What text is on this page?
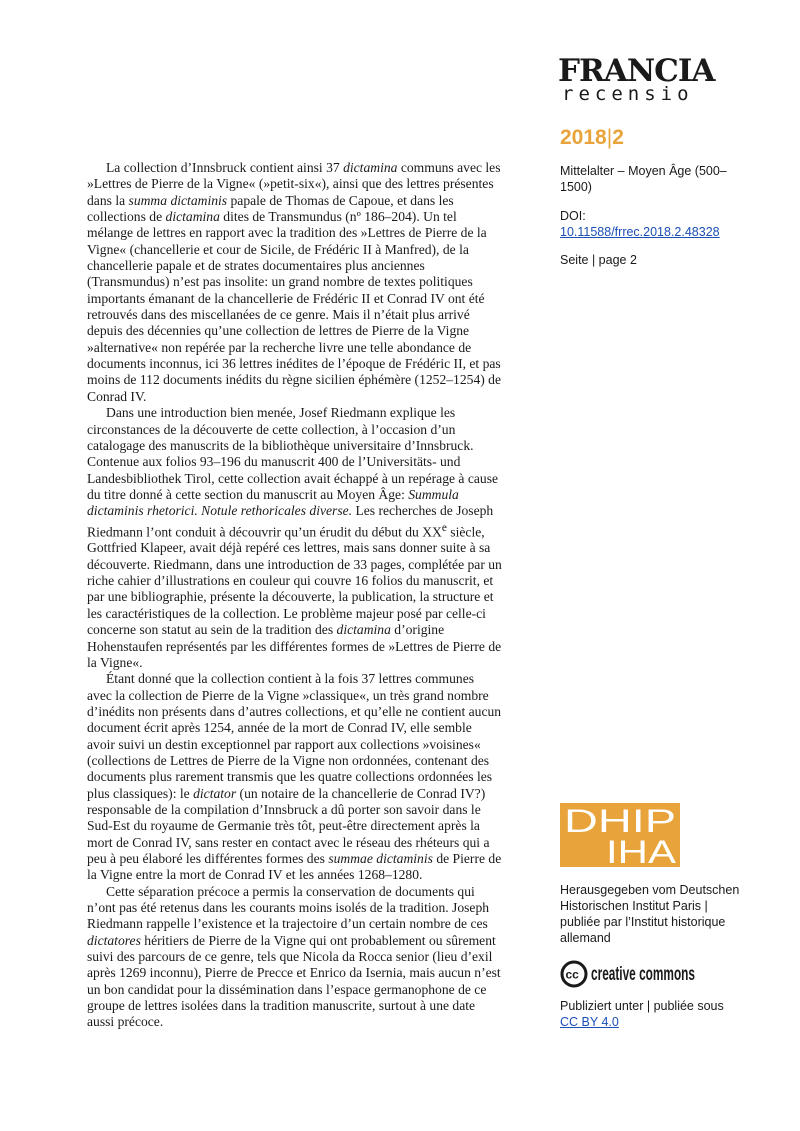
FRANCIA
recensio
2018|2
Mittelalter – Moyen Âge (500–1500)
DOI:
10.11588/frrec.2018.2.48328
Seite | page 2
DHIP
IHA
Herausgegeben vom Deutschen Historischen Institut Paris | publiée par l’Institut historique allemand
cc creative commons
Publiziert unter | publiée sous
CC BY 4.0

La collection d’Innsbruck contient ainsi 37 dictamina communs avec les »Lettres de Pierre de la Vigne« (»petit-six«), ainsi que des lettres présentes dans la summa dictaminis papale de Thomas de Capoue, et dans les collections de dictamina dites de Transmundus (nº 186–204). Un tel mélange de lettres en rapport avec la tradition des »Lettres de Pierre de la Vigne« (chancellerie et cour de Sicile, de Frédéric II à Manfred), de la chancellerie papale et de strates documentaires plus anciennes (Transmundus) n’est pas insolite: un grand nombre de textes politiques importants émanant de la chancellerie de Frédéric II et Conrad IV ont été retrouvés dans des miscellanées de ce genre. Mais il n’était plus arrivé depuis des décennies qu’une collection de lettres de Pierre de la Vigne »alternative« non repérée par la recherche livre une telle abondance de documents inconnus, ici 36 lettres inédites de l’époque de Frédéric II, et pas moins de 112 documents inédits du règne sicilien éphémère (1252–1254) de Conrad IV.

Dans une introduction bien menée, Josef Riedmann explique les circonstances de la découverte de cette collection, à l’occasion d’un catalogage des manuscrits de la bibliothèque universitaire d’Innsbruck. Contenue aux folios 93–196 du manuscrit 400 de l’Universitäts- und Landesbibliothek Tirol, cette collection avait échappé à un repérage à cause du titre donné à cette section du manuscrit au Moyen Âge: Summula dictaminis rhetorici. Notule rethoricales diverse. Les recherches de Joseph Riedmann l’ont conduit à découvrir qu’un érudit du début du XXe siècle, Gottfried Klapeer, avait déjà repéré ces lettres, mais sans donner suite à sa découverte. Riedmann, dans une introduction de 33 pages, complétée par un riche cahier d’illustrations en couleur qui couvre 16 folios du manuscrit, et par une bibliographie, présente la découverte, la publication, la structure et les caractéristiques de la collection. Le problème majeur posé par celle-ci concerne son statut au sein de la tradition des dictamina d’origine Hohenstaufen représentés par les différentes formes de »Lettres de Pierre de la Vigne«.

Étant donné que la collection contient à la fois 37 lettres communes avec la collection de Pierre de la Vigne »classique«, un très grand nombre d’inédits non présents dans d’autres collections, et qu’elle ne contient aucun document écrit après 1254, année de la mort de Conrad IV, elle semble avoir suivi un destin exceptionnel par rapport aux collections »voisines« (collections de Lettres de Pierre de la Vigne non ordonnées, contenant des documents plus rarement transmis que les quatre collections ordonnées les plus classiques): le dictator (un notaire de la chancellerie de Conrad IV?) responsable de la compilation d’Innsbruck a dû porter son savoir dans le Sud-Est du royaume de Germanie très tôt, peut-être directement après la mort de Conrad IV, sans rester en contact avec le réseau des rhéteurs qui a peu à peu élaboré les différentes formes des summae dictaminis de Pierre de la Vigne entre la mort de Conrad IV et les années 1268–1280.

Cette séparation précoce a permis la conservation de documents qui n’ont pas été retenus dans les courants moins isolés de la tradition. Joseph Riedmann rappelle l’existence et la trajectoire d’un certain nombre de ces dictatores héritiers de Pierre de la Vigne qui ont probablement ou sûrement suivi des parcours de ce genre, tels que Nicola da Rocca senior (lieu d’exil après 1269 inconnu), Pierre de Precce et Enrico da Isernia, mais aucun n’est un bon candidat pour la dissémination dans l’espace germanophone de ce groupe de lettres isolées dans la tradition manuscrite, surtout à une date aussi précoce.
